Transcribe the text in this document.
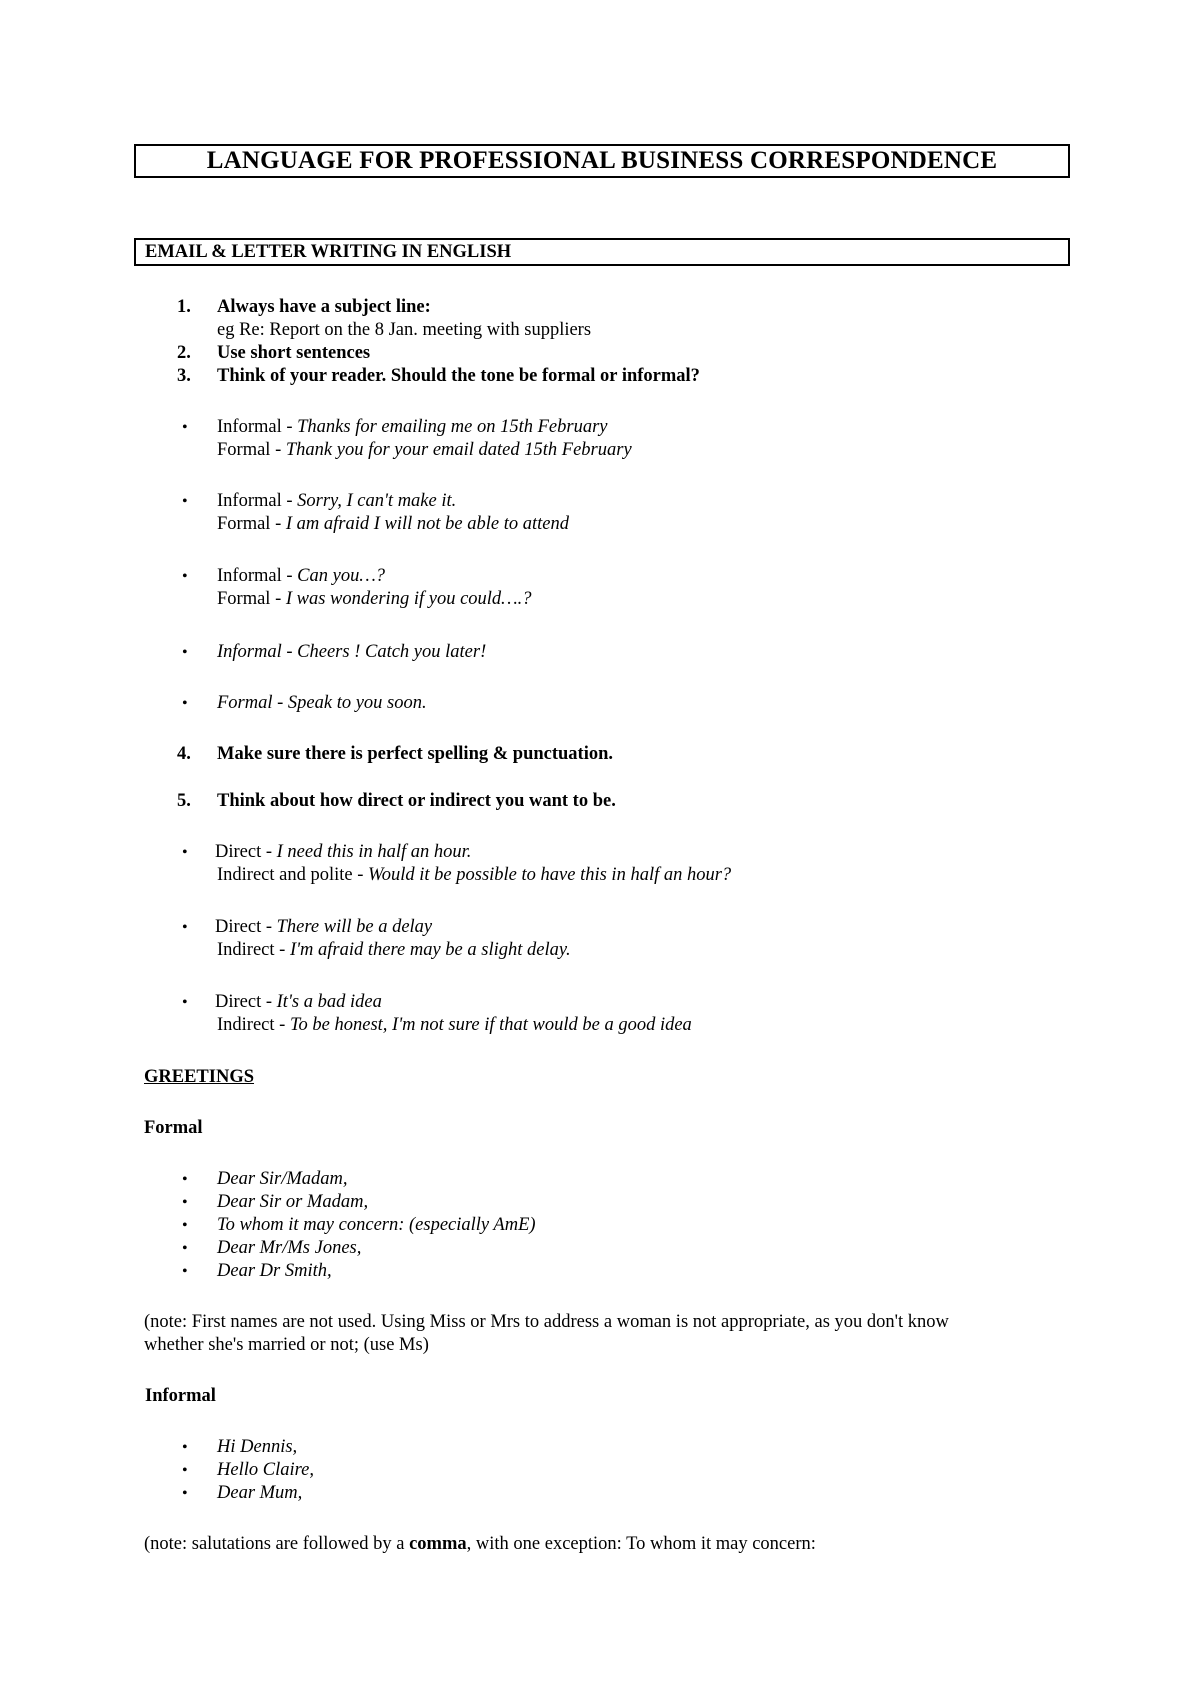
LANGUAGE FOR PROFESSIONAL BUSINESS CORRESPONDENCE
EMAIL & LETTER WRITING IN ENGLISH
1. Always have a subject line:
eg Re: Report on the 8 Jan. meeting with suppliers
2. Use short sentences
3. Think of your reader. Should the tone be formal or informal?
• Informal - Thanks for emailing me on 15th February
Formal - Thank you for your email dated 15th February
• Informal - Sorry, I can't make it.
Formal - I am afraid I will not be able to attend
• Informal - Can you…?
Formal - I was wondering if you could….?
• Informal - Cheers ! Catch you later!
• Formal - Speak to you soon.
4. Make sure there is perfect spelling & punctuation.
5. Think about how direct or indirect you want to be.
• Direct - I need this in half an hour.
Indirect and polite - Would it be possible to have this in half an hour?
• Direct - There will be a delay
Indirect - I'm afraid there may be a slight delay.
• Direct - It's a bad idea
Indirect - To be honest, I'm not sure if that would be a good idea
GREETINGS
Formal
• Dear Sir/Madam,
• Dear Sir or Madam,
• To whom it may concern: (especially AmE)
• Dear Mr/Ms Jones,
• Dear Dr Smith,
(note: First names are not used. Using Miss or Mrs to address a woman is not appropriate, as you don't know
whether she's married or not; (use Ms)
Informal
• Hi Dennis,
• Hello Claire,
• Dear Mum,
(note: salutations are followed by a comma, with one exception: To whom it may concern:
